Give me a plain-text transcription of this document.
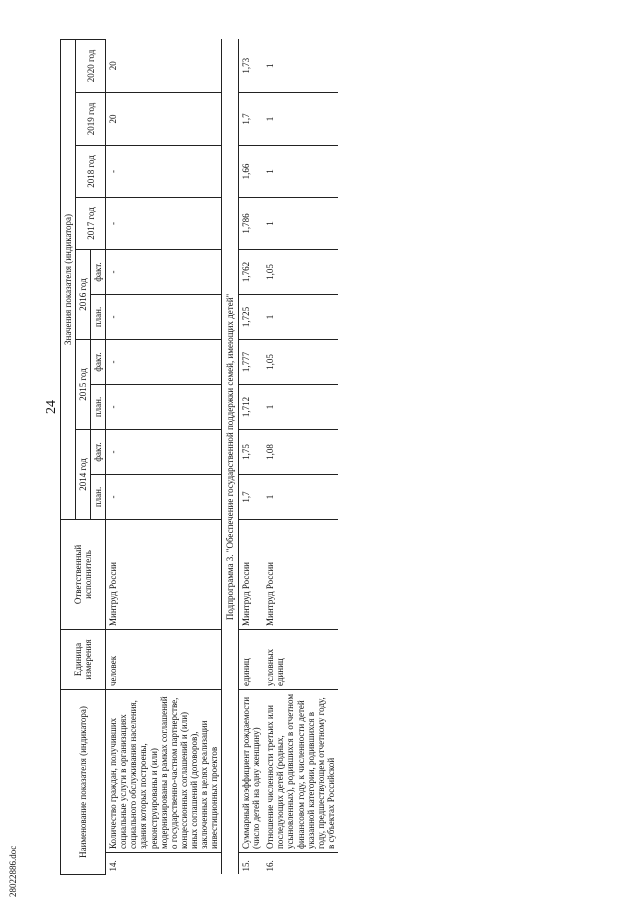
28022886.doc
24
Наименование показателя (индикатора)		Единица измерения	Ответственный исполнитель	Значения показателя (индикатора)									
				2014 год		2015 год		2016 год		2017 год	2018 год	2019 год	2020 год
				план.	факт.	план.	факт.	план.	факт.				
14.	Количество граждан, получивших социальные услуги в организациях социального обслуживания населения, здания которых построены, реконструированы и (или) модернизированы в рамках соглашений о государственно-частном партнерстве, концессионных соглашений и (или) иных соглашений (договоров), заключенных в целях реализации инвестиционных проектов	человек	Минтруд России	-	-	-	-	-	-	-	-	20	20
Подпрограмма 3. "Обеспечение государственной поддержки семей, имеющих детей"													
15.	Суммарный коэффициент рождаемости (число детей на одну женщину)	единиц	Минтруд России	1,7	1,75	1,712	1,777	1,725	1,762	1,786	1,66	1,7	1,73
16.	Отношение численности третьих или последующих детей (родных, усыновленных), родившихся в отчетном финансовом году, к численности детей указанной категории, родившихся в году, предшествующем отчетному году, в субъектах Российской	условных единиц	Минтруд России	1	1,08	1	1,05	1	1,05	1	1	1	1
